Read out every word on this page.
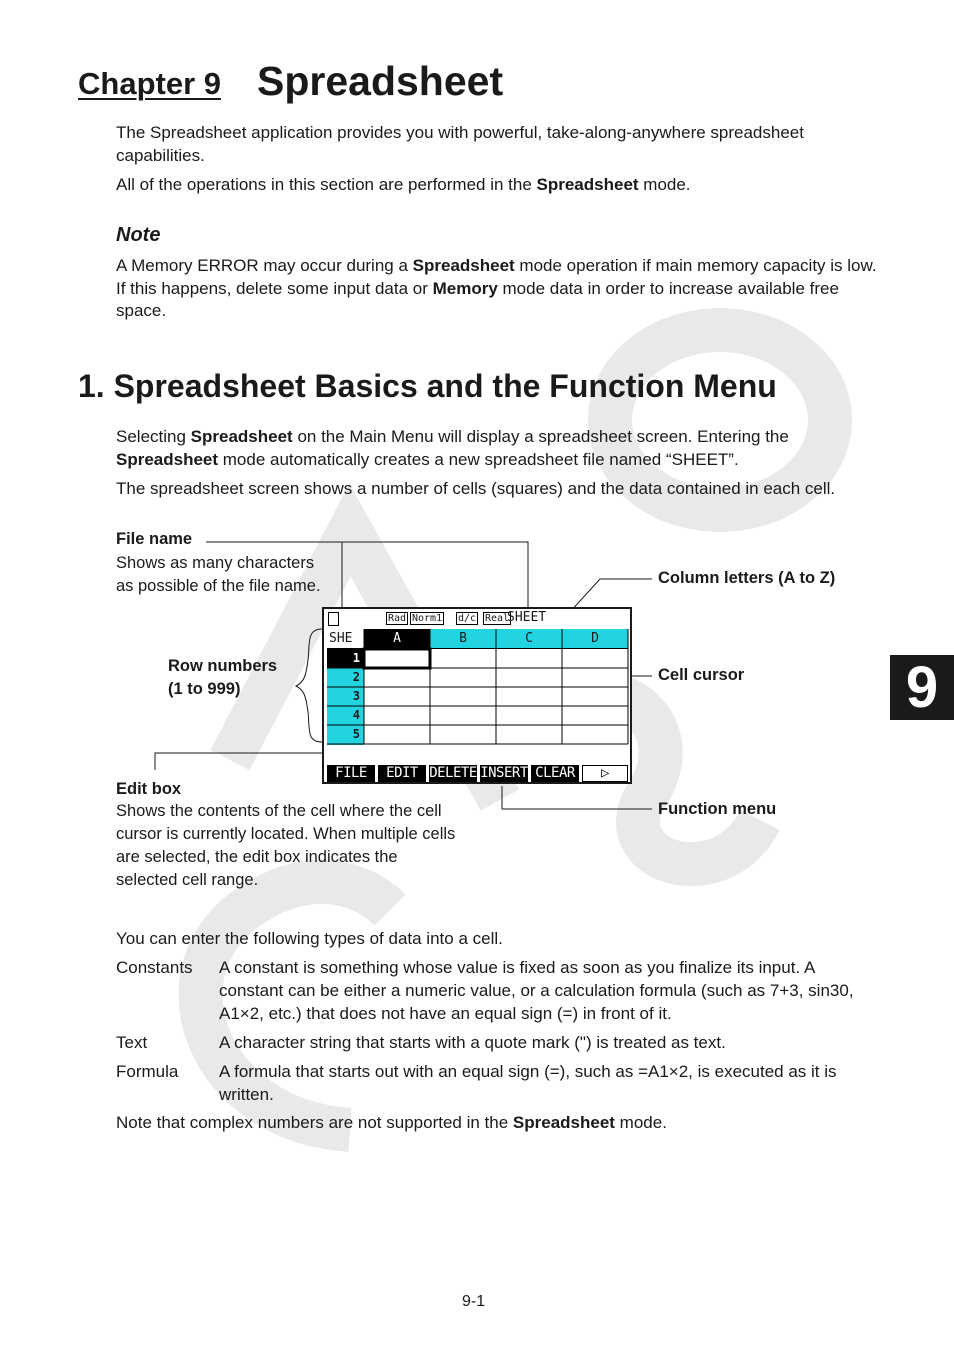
Chapter 9 Spreadsheet
9

The Spreadsheet application provides you with powerful, take-along-anywhere spreadsheet capabilities.

All of the operations in this section are performed in the Spreadsheet mode.

Note

A Memory ERROR may occur during a Spreadsheet mode operation if main memory capacity is low. If this happens, delete some input data or Memory mode data in order to increase available free space.

1. Spreadsheet Basics and the Function Menu

Selecting Spreadsheet on the Main Menu will display a spreadsheet screen. Entering the Spreadsheet mode automatically creates a new spreadsheet file named “SHEET”.

The spreadsheet screen shows a number of cells (squares) and the data contained in each cell.

File name
Shows as many characters as possible of the file name.	Column letters (A to Z)
Row numbers
(1 to 999)
Cell cursor
Edit box
Shows the contents of the cell where the cell cursor is currently located. When multiple cells are selected, the edit box indicates the selected cell range.
Function menu
Rad Norm1 d/c Real
SHEET
SHE	A	B	C	D
1
2
3
4
5
FILE	EDIT DELETE INSERT CLEAR	▷

You can enter the following types of data into a cell.

Constants	A constant is something whose value is fixed as soon as you finalize its input. A constant can be either a numeric value, or a calculation formula (such as 7+3, sin30, A1×2, etc.) that does not have an equal sign (=) in front of it.
Text	A character string that starts with a quote mark (") is treated as text.
Formula	A formula that starts out with an equal sign (=), such as =A1×2, is executed as it is written.

Note that complex numbers are not supported in the Spreadsheet mode.

9-1
